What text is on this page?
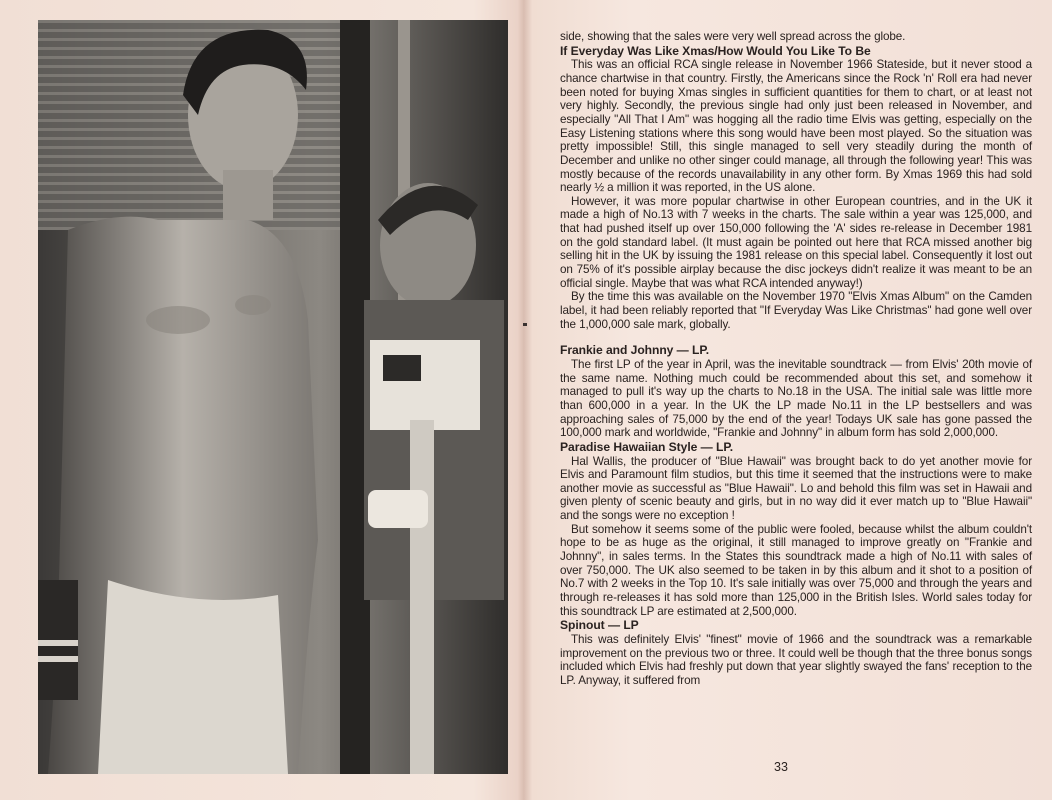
side, showing that the sales were very well spread across the globe.

If Everyday Was Like Xmas/How Would You Like To Be

This was an official RCA single release in November 1966 Stateside, but it never stood a chance chartwise in that country. Firstly, the Americans since the Rock 'n' Roll era had never been noted for buying Xmas singles in sufficient quantities for them to chart, or at least not very highly. Secondly, the previous single had only just been released in November, and especially "All That I Am" was hogging all the radio time Elvis was getting, especially on the Easy Listening stations where this song would have been most played. So the situation was pretty impossible! Still, this single managed to sell very steadily during the month of December and unlike no other singer could manage, all through the following year! This was mostly because of the records unavailability in any other form. By Xmas 1969 this had sold nearly ½ a million it was reported, in the US alone.

However, it was more popular chartwise in other European countries, and in the UK it made a high of No.13 with 7 weeks in the charts. The sale within a year was 125,000, and that had pushed itself up over 150,000 following the 'A' sides re-release in December 1981 on the gold standard label. (It must again be pointed out here that RCA missed another big selling hit in the UK by issuing the 1981 release on this special label. Consequently it lost out on 75% of it's possible airplay because the disc jockeys didn't realize it was meant to be an official single. Maybe that was what RCA intended anyway!)

By the time this was available on the November 1970 "Elvis Xmas Album" on the Camden label, it had been reliably reported that "If Everyday Was Like Christmas" had gone well over the 1,000,000 sale mark, globally.

Frankie and Johnny — LP.

The first LP of the year in April, was the inevitable soundtrack — from Elvis' 20th movie of the same name. Nothing much could be recommended about this set, and somehow it managed to pull it's way up the charts to No.18 in the USA. The initial sale was little more than 600,000 in a year. In the UK the LP made No.11 in the LP bestsellers and was approaching sales of 75,000 by the end of the year! Todays UK sale has gone passed the 100,000 mark and worldwide, "Frankie and Johnny" in album form has sold 2,000,000.

Paradise Hawaiian Style — LP.

Hal Wallis, the producer of "Blue Hawaii" was brought back to do yet another movie for Elvis and Paramount film studios, but this time it seemed that the instructions were to make another movie as successful as "Blue Hawaii". Lo and behold this film was set in Hawaii and given plenty of scenic beauty and girls, but in no way did it ever match up to "Blue Hawaii" and the songs were no exception !

But somehow it seems some of the public were fooled, because whilst the album couldn't hope to be as huge as the original, it still managed to improve greatly on "Frankie and Johnny", in sales terms. In the States this soundtrack made a high of No.11 with sales of over 750,000. The UK also seemed to be taken in by this album and it shot to a position of No.7 with 2 weeks in the Top 10. It's sale initially was over 75,000 and through the years and through re-releases it has sold more than 125,000 in the British Isles. World sales today for this soundtrack LP are estimated at 2,500,000.

Spinout — LP

This was definitely Elvis' "finest" movie of 1966 and the soundtrack was a remarkable improvement on the previous two or three. It could well be though that the three bonus songs included which Elvis had freshly put down that year slightly swayed the fans' reception to the LP. Anyway, it suffered from

33
